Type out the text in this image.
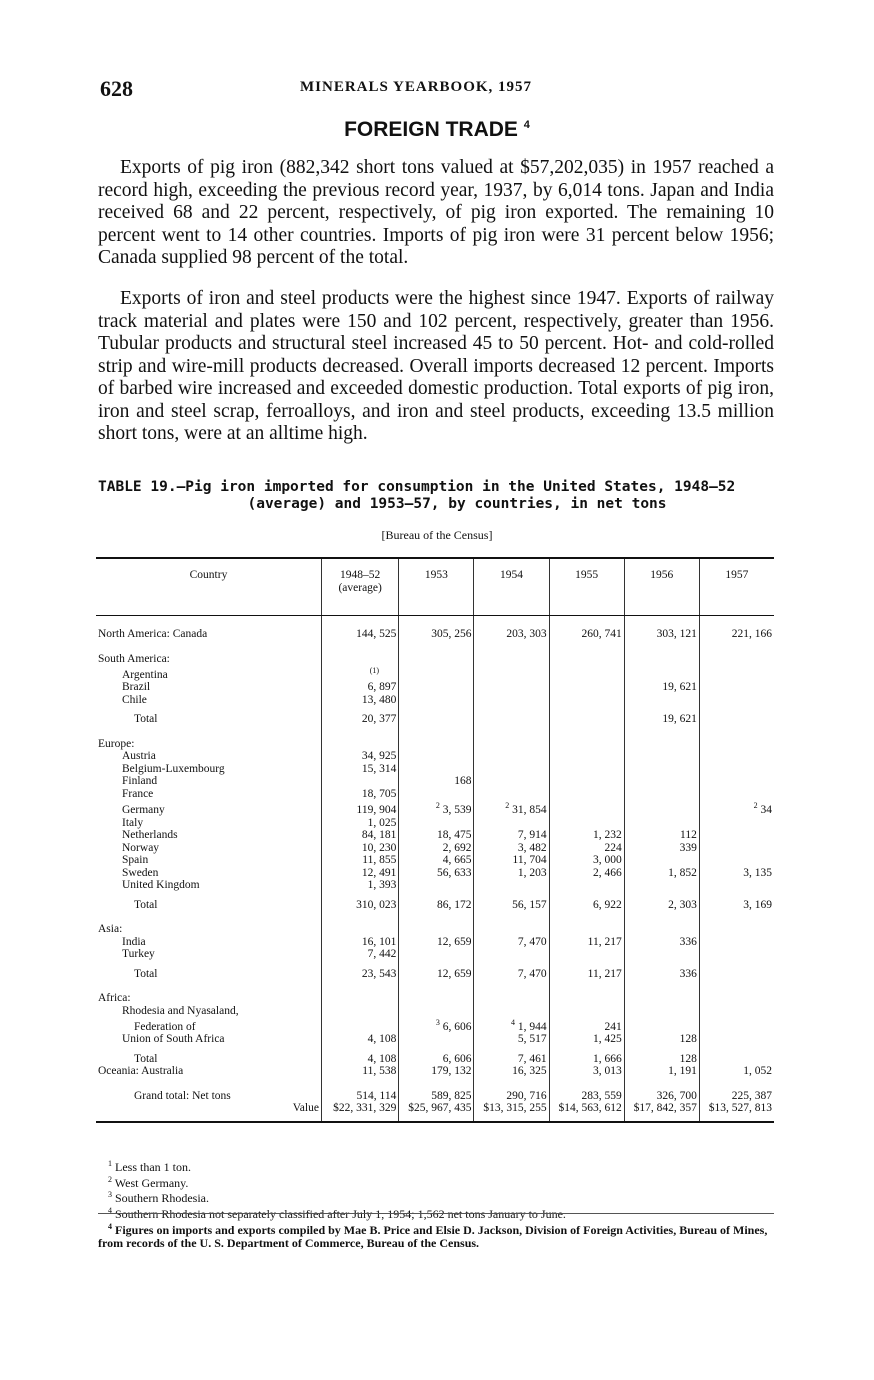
628	MINERALS YEARBOOK, 1957
FOREIGN TRADE $^4$

Exports of pig iron (882,342 short tons valued at $57,202,035) in 1957 reached a record high, exceeding the previous record year, 1937, by 6,014 tons. Japan and India received 68 and 22 percent, respectively, of pig iron exported. The remaining 10 percent went to 14 other countries. Imports of pig iron were 31 percent below 1956; Canada supplied 98 percent of the total.

Exports of iron and steel products were the highest since 1947. Exports of railway track material and plates were 150 and 102 percent, respectively, greater than 1956. Tubular products and structural steel increased 45 to 50 percent. Hot- and cold-rolled strip and wire-mill products decreased. Overall imports decreased 12 percent. Imports of barbed wire increased and exceeded domestic production. Total exports of pig iron, iron and steel scrap, ferroalloys, and iron and steel products, exceeding 13.5 million short tons, were at an alltime high.

TABLE 19.—Pig iron imported for consumption in the United States, 1948–52
(average) and 1953–57, by countries, in net tons
[Bureau of the Census]
Country	1948–52 (average)	1953	1954	1955	1956	1957

North America: Canada	144, 525	305, 256	203, 303	260, 741	303, 121	221, 166

South America:						
Argentina	$^{(1)}$					
Brazil	6, 897				19, 621	
Chile	13, 480					

Total	20, 377				19, 621	

Europe:						
Austria	34, 925					
Belgium-Luxembourg	15, 314					
Finland		168				
France	18, 705					
Germany	119, 904	$^2$ 3, 539	$^2$ 31, 854			$^2$ 34
Italy	1, 025					
Netherlands	84, 181	18, 475	7, 914	1, 232	112	
Norway	10, 230	2, 692	3, 482	224	339	
Spain	11, 855	4, 665	11, 704	3, 000		
Sweden	12, 491	56, 633	1, 203	2, 466	1, 852	3, 135
United Kingdom	1, 393					

Total	310, 023	86, 172	56, 157	6, 922	2, 303	3, 169

Asia:						
India	16, 101	12, 659	7, 470	11, 217	336	
Turkey	7, 442					

Total	23, 543	12, 659	7, 470	11, 217	336	

Africa:						
Rhodesia and Nyasaland,						
Federation of		$^3$ 6, 606	$^4$ 1, 944	241		
Union of South Africa	4, 108		5, 517	1, 425	128	

Total	4, 108	6, 606	7, 461	1, 666	128	
Oceania: Australia	11, 538	179, 132	16, 325	3, 013	1, 191	1, 052

Grand total: Net tons	514, 114	589, 825	290, 716	283, 559	326, 700	225, 387
Value	$22, 331, 329	$25, 967, 435	$13, 315, 255	$14, 563, 612	$17, 842, 357	$13, 527, 813

$^1$ Less than 1 ton.
$^2$ West Germany.
$^3$ Southern Rhodesia.
$^4$ Southern Rhodesia not separately classified after July 1, 1954; 1,562 net tons January to June.
$^4$ Figures on imports and exports compiled by Mae B. Price and Elsie D. Jackson, Division of Foreign Activities, Bureau of Mines, from records of the U. S. Department of Commerce, Bureau of the Census.
